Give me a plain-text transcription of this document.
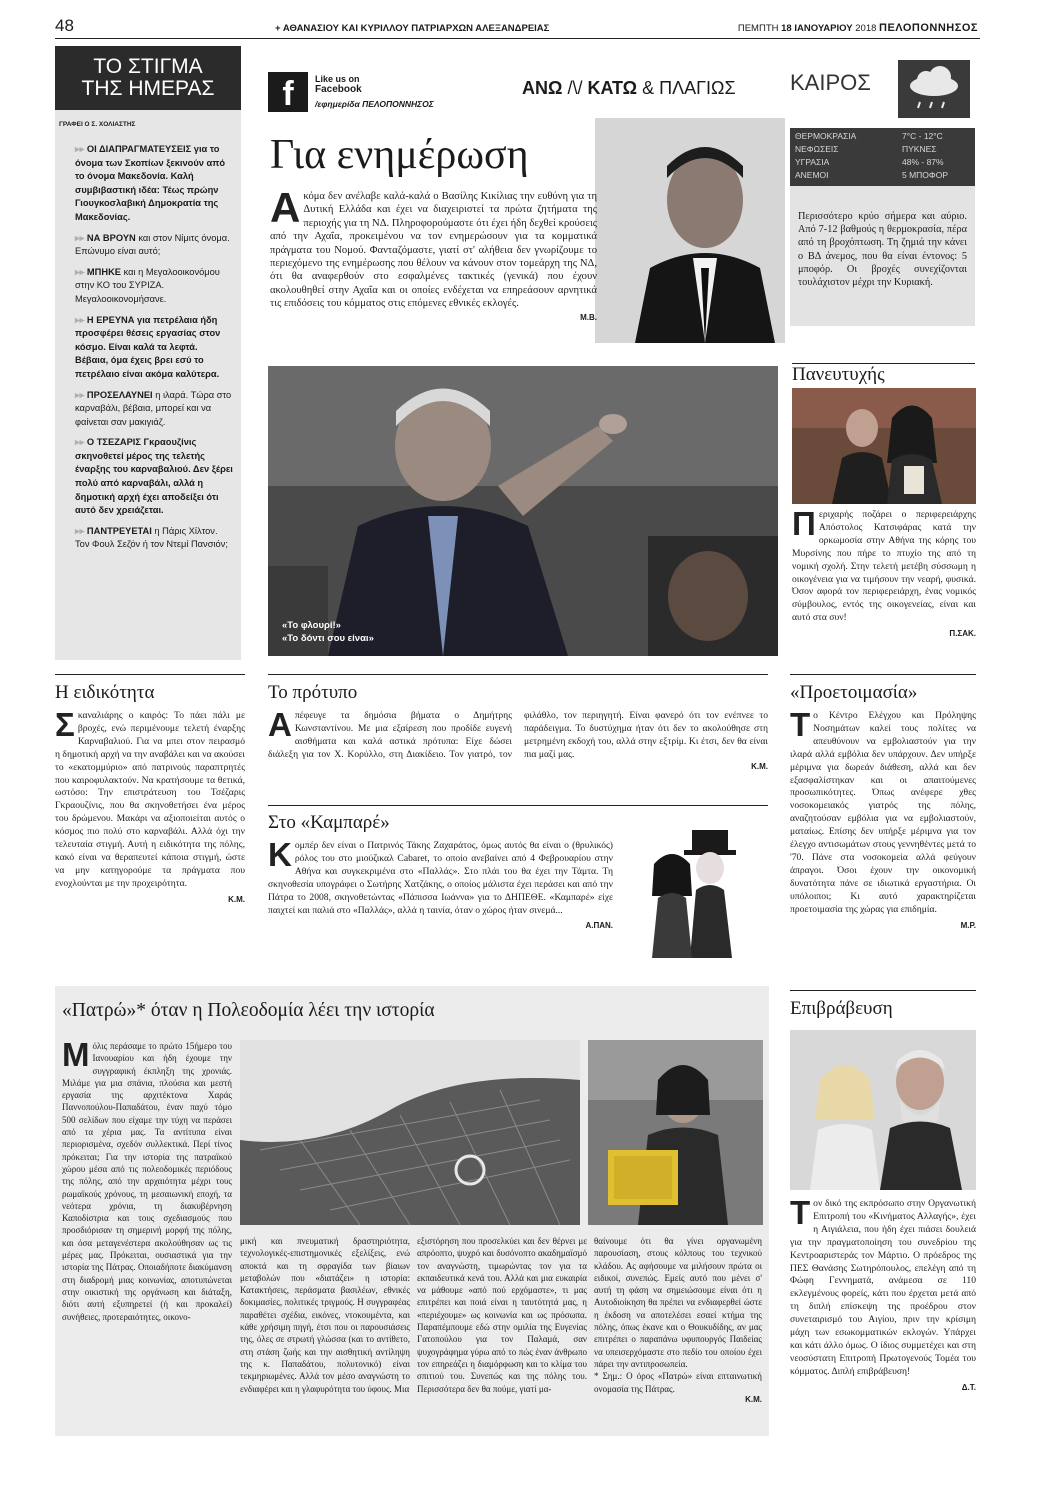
48	+ ΑΘΑΝΑΣΙΟΥ ΚΑΙ ΚΥΡΙΛΛΟΥ ΠΑΤΡΙΑΡΧΩΝ ΑΛΕΞΑΝΔΡΕΙΑΣ	ΠΕΜΠΤΗ 18 ΙΑΝΟΥΑΡΙΟΥ 2018 ΠΕΛΟΠΟΝΝΗΣΟΣ
ΤΟ ΣΤΙΓΜΑ
ΤΗΣ ΗΜΕΡΑΣ
ΓΡΑΦΕΙ Ο Σ. ΧΟΛΙΑΣΤΗΣ

▸▸ ΟΙ ΔΙΑΠΡΑΓΜΑΤΕΥΣΕΙΣ για το όνομα των Σκοπίων ξεκινούν από το όνομα Μακεδονία. Καλή συμβιβαστική ιδέα: Τέως πρώην Γιουγκοσλαβική Δημοκρατία της Μακεδονίας.

▸▸ ΝΑ ΒΡΟΥΝ και στον Νίμιτς όνομα. Επώνυμο είναι αυτό;

▸▸ ΜΠΗΚΕ και η Μεγαλοοικονόμου στην ΚΟ του ΣΥΡΙΖΑ. Μεγαλοοικονομήσανε.

▸▸ Η ΕΡΕΥΝΑ για πετρέλαια ήδη προσφέρει θέσεις εργασίας στον κόσμο. Είναι καλά τα λεφτά. Βέβαια, όμα έχεις βρει εσύ το πετρέλαιο είναι ακόμα καλύτερα.

▸▸ ΠΡΟΣΕΛΑΥΝΕΙ η ιλαρά. Τώρα στο καρναβάλι, βέβαια, μπορεί και να φαίνεται σαν μακιγιάζ.

▸▸ Ο ΤΣΕΖΑΡΙΣ Γκραουζίνις σκηνοθετεί μέρος της τελετής έναρξης του καρναβαλιού. Δεν ξέρει πολύ από καρναβάλι, αλλά η δημοτική αρχή έχει αποδείξει ότι αυτό δεν χρειάζεται.

▸▸ ΠΑΝΤΡΕΥΕΤΑΙ η Πάρις Χίλτον. Τον Φουλ Σεζόν ή τον Ντεμί Πανσιόν;

f	Like us on
Facebook
/εφημερίδα ΠΕΛΟΠΟΝΝΗΣΟΣ
ΑΝΩ /\/ ΚΑΤΩ & ΠΛΑΓΙΩΣ
Για ενημέρωση

Ακόμα δεν ανέλαβε καλά-καλά ο Βασίλης Κικίλιας την ευθύνη για τη Δυτική Ελλάδα και έχει να διαχειριστεί τα πρώτα ζητήματα της περιοχής για τη ΝΔ. Πληροφορούμαστε ότι έχει ήδη δεχθεί κρούσεις από την Αχαΐα, προκειμένου να τον ενημερώσουν για τα κομματικά πράγματα του Νομού. Φανταζόμαστε, γιατί στ' αλήθεια δεν γνωρίζουμε το περιεχόμενο της ενημέρωσης που θέλουν να κάνουν στον τομεάρχη της ΝΔ, ότι θα αναφερθούν στο εσφαλμένες τακτικές (γενικά) που έχουν ακολουθηθεί στην Αχαΐα και οι οποίες ενδέχεται να επηρεάσουν αρνητικά τις επιδόσεις του κόμματος στις επόμενες εθνικές εκλογές.

Μ.Β.
ΚΑΙΡΟΣ
ΘΕΡΜΟΚΡΑΣΙΑ	7°C - 12°C
ΝΕΦΩΣΕΙΣ	ΠΥΚΝΕΣ
ΥΓΡΑΣΙΑ	48% - 87%
ΑΝΕΜΟΙ	5 ΜΠΟΦΟΡ

Περισσότερο κρύο σήμερα και αύριο. Από 7-12 βαθμούς η θερμοκρασία, πέρα από τη βροχόπτωση. Τη ζημιά την κάνει ο ΒΔ άνεμος, που θα είναι έντονος: 5 μποφόρ. Οι βροχές συνεχίζονται τουλάχιστον μέχρι την Κυριακή.

«Το φλουρί!»
«Το δόντι σου είναι»
Πανευτυχής

Περιχαρής ποζάρει ο περιφερειάρχης Απόστολος Κατσιφάρας κατά την ορκωμοσία στην Αθήνα της κόρης του Μυρσίνης που πήρε το πτυχίο της από τη νομική σχολή. Στην τελετή μετέβη σύσσωμη η οικογένεια για να τιμήσουν την νεαρή, φυσικά. Όσον αφορά τον περιφερειάρχη, ένας νομικός σύμβουλος, εντός της οικογενείας, είναι και αυτό στα συν!

Π.ΣΑΚ.
Η ειδικότητα

Σκαναλιάρης ο καιρός: Το πάει πάλι με βροχές, ενώ περιμένουμε τελετή έναρξης Καρναβαλιού. Για να μπει στον πειρασμό η δημοτική αρχή να την αναβάλει και να ακούσει το «εκατομμύριο» από πατρινούς παραπτρητές που καιροφυλακτούν. Να κρατήσουμε τα θετικά, ωστόσο: Την επιστράτευση του Τσέζαρις Γκραουζίνις, που θα σκηνοθετήσει ένα μέρος του δρώμενου. Μακάρι να αξιοποιείται αυτός ο κόσμος πιο πολύ στο καρναβάλι. Αλλά όχι την τελευταία στιγμή. Αυτή η ειδικότητα της πόλης, κακό είναι να θεραπευτεί κάποια στιγμή, ώστε να μην κατηγορούμε τα πράγματα που ενοχλούνται με την προχειρότητα.

Κ.Μ.
Το πρότυπο

Απέφευγε τα δημόσια βήματα ο Δημήτρης Κωνσταντίνου. Με μια εξαίρεση που προδίδε ευγενή αισθήματα και καλά αστικά πρότυπα: Είχε δώσει διάλεξη για τον Χ. Κορύλλο, στη Διακίδειο. Τον γιατρό, τον φιλάθλο, τον περιηγητή. Είναι φανερό ότι τον ενέπνεε το παράδειγμα. Το δυστύχημα ήταν ότι δεν το ακολούθησε στη μετρημένη εκδοχή του, αλλά στην εξτρίμ. Κι έτσι, δεν θα είναι πια μαζί μας.

Κ.Μ.
Στο «Καμπαρέ»

Κομπέρ δεν είναι ο Πατρινός Τάκης Ζαχαράτος, όμως αυτός θα είναι ο (θρυλικός) ρόλος του στο μιούζικαλ Cabaret, το οποίο ανεβαίνει από 4 Φεβρουαρίου στην Αθήνα και συγκεκριμένα στο «Παλλάς». Στο πλάι του θα έχει την Τάμτα. Τη σκηνοθεσία υπογράφει ο Σωτήρης Χατζάκης, ο οποίος μάλιστα έχει περάσει και από την Πάτρα το 2008, σκηνοθετώντας «Πάπισσα Ιωάννα» για το ΔΗΠΕΘΕ. «Καμπαρέ» είχε παιχτεί και παλιά στο «Παλλάς», αλλά η ταινία, όταν ο χώρος ήταν σινεμά...

Α.ΠΑΝ.
«Προετοιμασία»

Το Κέντρο Ελέγχου και Πρόληψης Νοσημάτων καλεί τους πολίτες να απευθύνουν να εμβολιαστούν για την ιλαρά αλλά εμβόλια δεν υπάρχουν. Δεν υπήρξε μέριμνα για δωρεάν διάθεση, αλλά και δεν εξασφαλίστηκαν και οι απαιτούμενες προσωπικότητες. Όπως ανέφερε χθες νοσοκομειακός γιατρός της πόλης, αναζητούσαν εμβόλια για να εμβολιαστούν, ματαίως. Επίσης δεν υπήρξε μέριμνα για τον έλεγχο αντισωμάτων στους γεννηθέντες μετά το '70. Πάνε στα νοσοκομεία αλλά φεύγουν άπραγοι. Όσοι έχουν την οικονομική δυνατότητα πάνε σε ιδιωτικά εργαστήρια. Οι υπόλοιποι; Κι αυτό χαρακτηρίζεται προετοιμασία της χώρας για επιδημία.

Μ.Ρ.
«Πατρώ»* όταν η Πολεοδομία λέει την ιστορία

Μόλις περάσαμε το πρώτο 15ήμερο του Ιανουαρίου και ήδη έχουμε την συγγραφική έκπληξη της χρονιάς. Μιλάμε για μια σπάνια, πλούσια και μεστή εργασία της αρχιτέκτονα Χαράς Παννοπούλου-Παπαδάτου, έναν παχύ τόμο 500 σελίδων που είχαμε την τύχη να περάσει από τα χέρια μας. Τα αντίτυπα είναι περιορισμένα, σχεδόν συλλεκτικά. Περί τίνος πρόκειται; Για την ιστορία της πατραϊκού χώρου μέσα από τις πολεοδομικές περιόδους της πόλης, από την αρχαιότητα μέχρι τους ρωμαϊκούς χρόνους, τη μεσαιωνική εποχή, τα νεότερα χρόνια, τη διακυβέρνηση Καποδίστρια και τους σχεδιασμούς που προσδιόρισαν τη σημερινή μορφή της πόλης, και όσα μεταγενέστερα ακολούθησαν ως τις μέρες μας. Πρόκειται, ουσιαστικά για την ιστορία της Πάτρας. Οποιαδήποτε διακύμανση στη διαδρομή μιας κοινωνίας, αποτυπώνεται στην οικιστική της οργάνωση και διάταξη, διότι αυτή εξυπηρετεί (ή και προκαλεί) συνήθειες, προτεραιότητες, οικονο-

μική και πνευματική δραστηριότητα, τεχνολογικές-επιστημονικές εξελίξεις, ενώ αποκτά και τη σφραγίδα των βίαιων μεταβολών που «διατάζει» η ιστορία: Κατακτήσεις, περάσματα βασιλέων, εθνικές δοκιμασίες, πολιτικές τριγμούς. Η συγγραφέας παραθέτει σχέδια, εικόνες, ντοκουμέντα, και κάθε χρήσιμη πηγή, έτσι που οι παρουσιάσεις της, όλες σε στρωτή γλώσσα (και το αντίθετο, στη στάση ζωής και την αισθητική αντίληψη της κ. Παπαδάτου, πολυτονικό) είναι τεκμηριωμένες. Αλλά τον μέσο αναγνώστη το ενδιαφέρει και η γλαφυρότητα του ύφους. Μια

εξιστόρηση που προσελκύει και δεν θέρνει με απρόοπτο, ψυχρό και δυσόνοπτο ακαδημαϊσμό τον αναγνώστη, τιμωρώντας τον για τα εκπαιδευτικά κενά του. Αλλά και μια ευκαιρία να μάθουμε «από πού ερχόμαστε», τι μας επιτρέπει και ποιά είναι η ταυτότητά μας, η «περιέχουμε» ως κοινωνία και ως πρόσωπα. Παραπέμπουμε εδώ στην ομιλία της Ευγενίας Γατοπούλου για τον Παλαμά, σαν ψυχογράφημα γύρω από το πώς έναν άνθρωπο τον επηρεάζει η διαμόρφωση και το κλίμα του σπιτιού του. Συνεπώς και της πόλης του. Περισσότερα δεν θα πούμε, γιατί μα-

θαίνουμε ότι θα γίνει οργανωμένη παρουσίαση, στους κόλπους του τεχνικού κλάδου. Ας αφήσουμε να μιλήσουν πρώτα οι ειδικοί, συνεπώς. Εμείς αυτό που μένει σ' αυτή τη φάση να σημειώσουμε είναι ότι η Αυτοδιοίκηση θα πρέπει να ενδιαφερθεί ώστε η έκδοση να αποτελέσει εσαεί κτήμα της πόλης, όπως έκανε και ο Θουκυδίδης, αν μας επιτρέπει ο παραπάνω υφυπουργός Παιδείας να υπεισερχόμαστε στο πεδίο του οποίου έχει πάρει την αντιπροσωπεία.

* Σημ.: Ο όρος «Πατρώ» είναι επταινωτική ονομασία της Πάτρας.

Κ.Μ.
Επιβράβευση

Τον δικό της εκπρόσωπο στην Οργανωτική Επιτροπή του «Κινήματος Αλλαγής», έχει η Αιγιάλεια, που ήδη έχει πιάσει δουλειά για την πραγματοποίηση του συνεδρίου της Κεντροαριστεράς τον Μάρτιο. Ο πρόεδρος της ΠΕΣ Θανάσης Σωτηρόπουλος, επελέγη από τη Φώφη Γεννηματά, ανάμεσα σε 110 εκλεγμένους φορείς, κάτι που έρχεται μετά από τη διπλή επίσκεψη της προέδρου στον συνεταιρισμό του Αιγίου, πριν την κρίσιμη μάχη των εσωκομματικών εκλογών. Υπάρχει και κάτι άλλο όμως. Ο ίδιος συμμετέχει και στη νεοσύστατη Επιτροπή Πρωτογενούς Τομέα του κόμματος. Διπλή επιβράβευση!

Δ.Τ.
